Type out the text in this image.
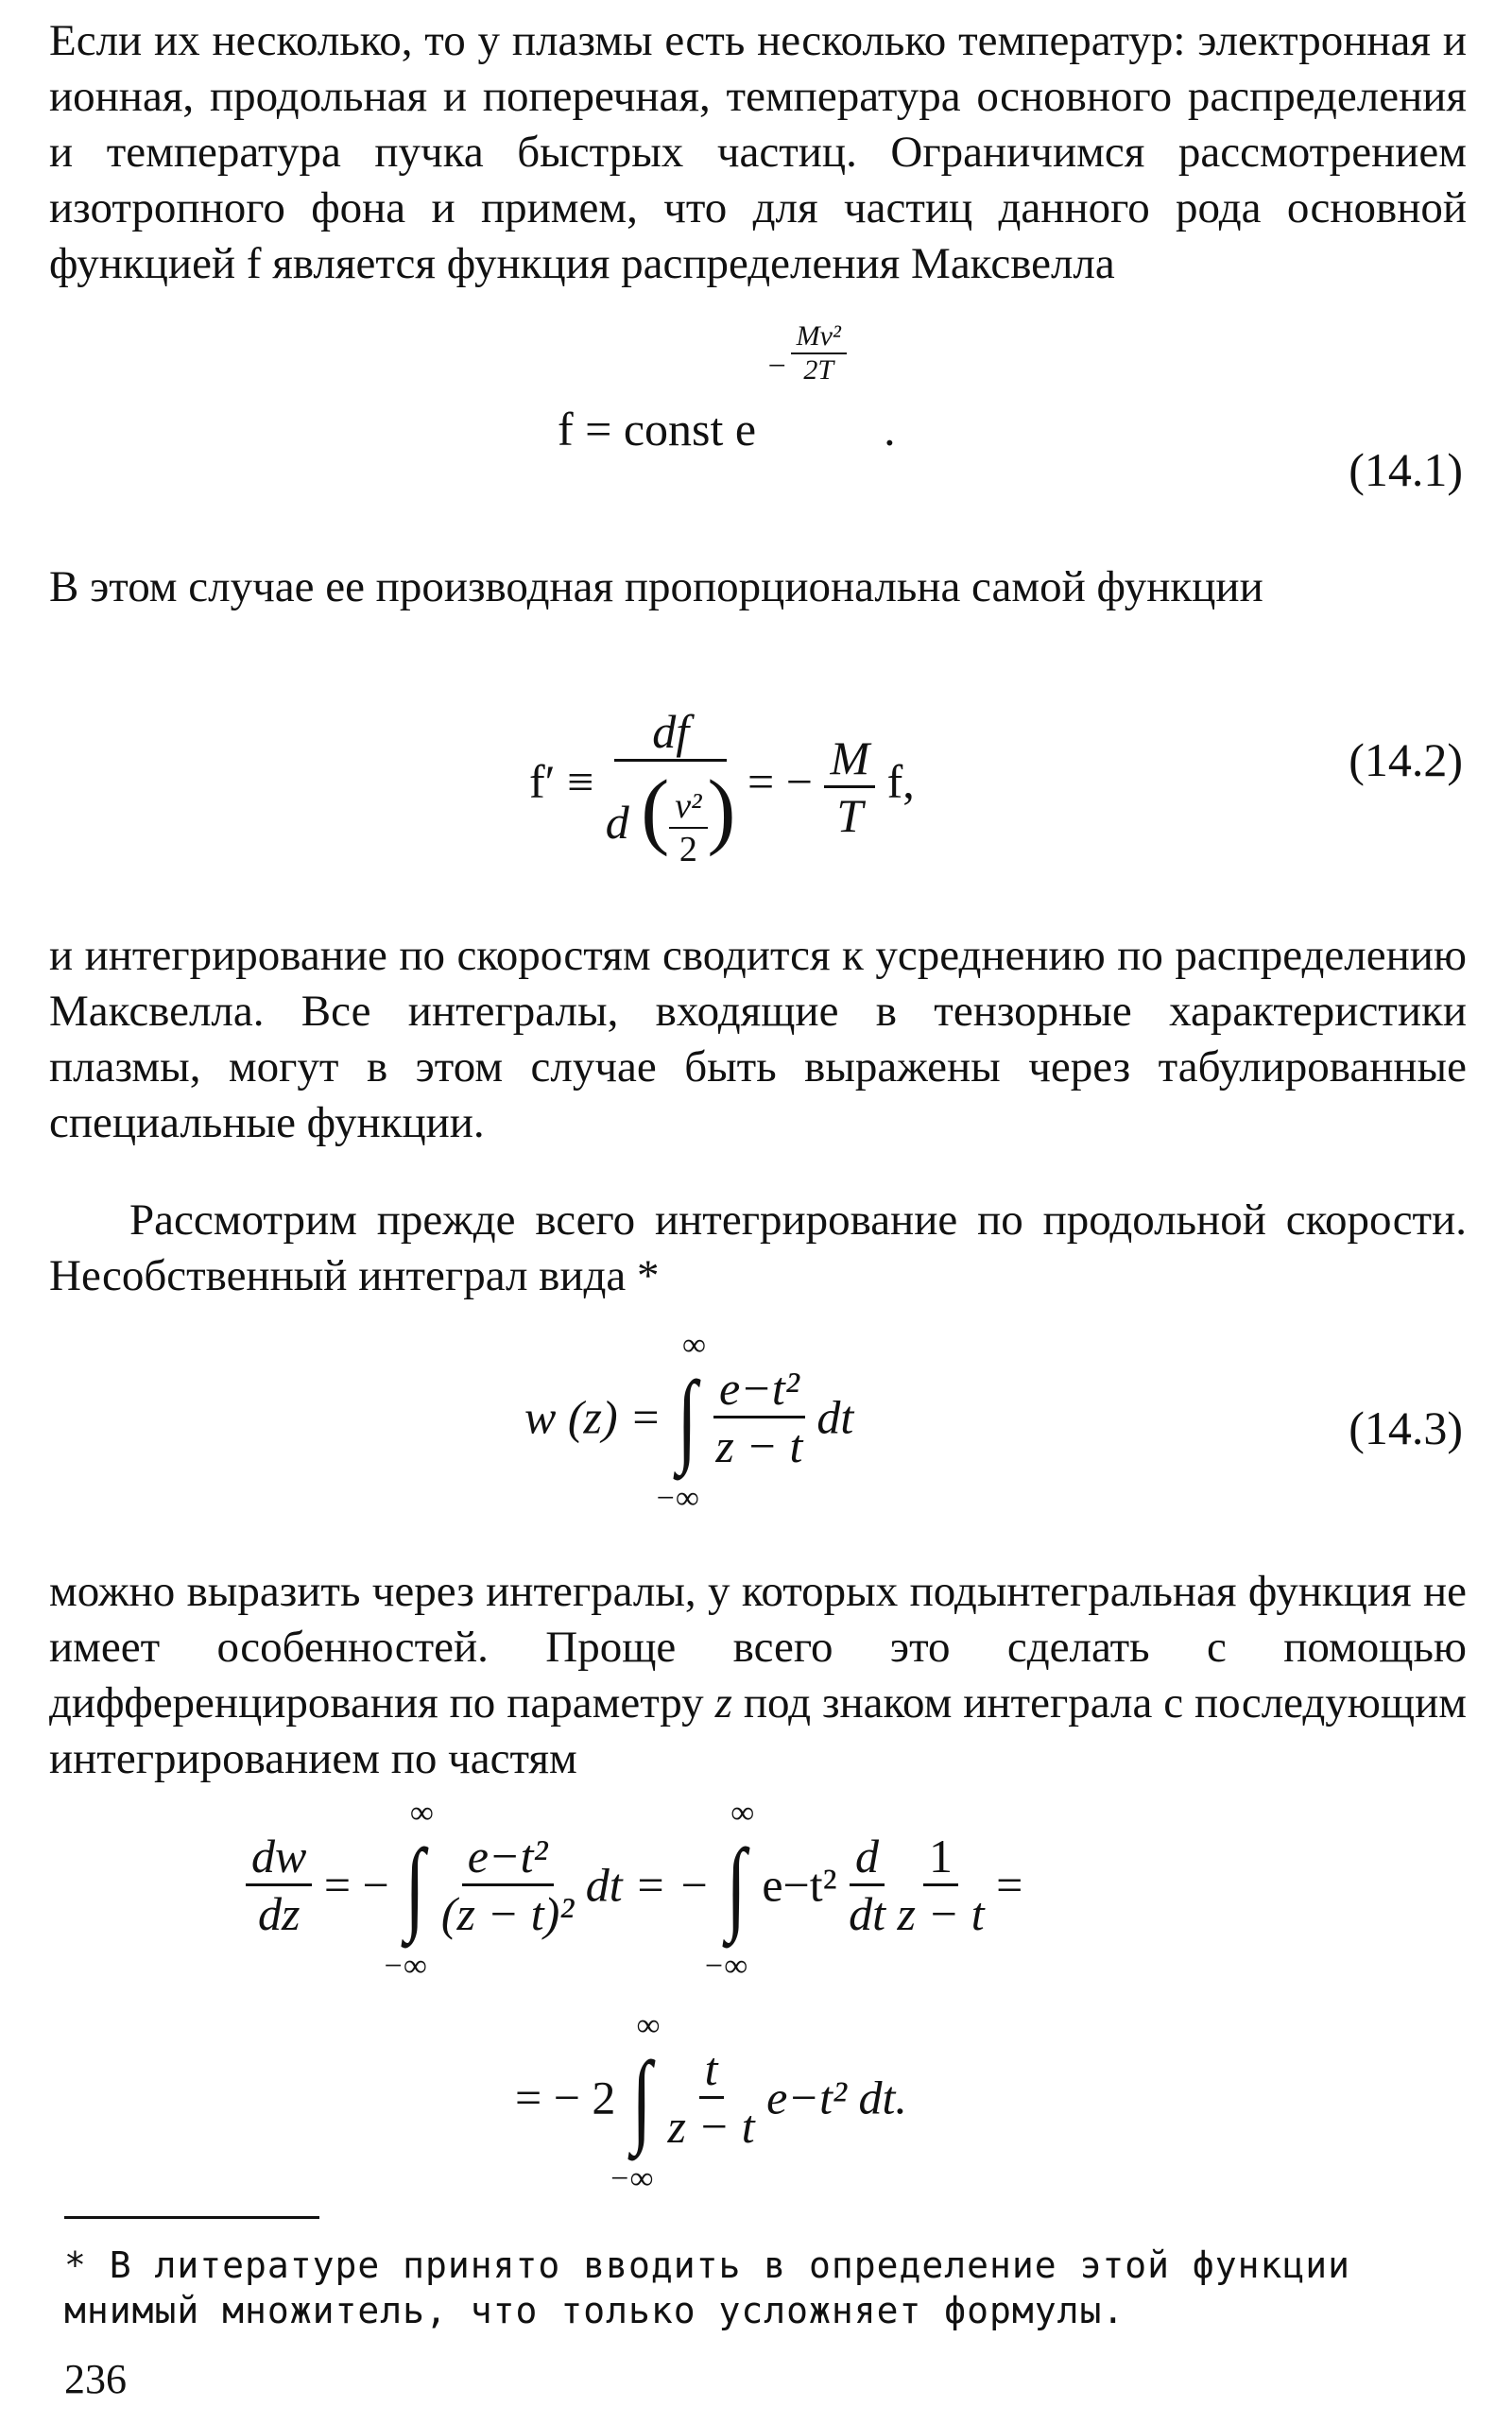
Если их несколько, то у плазмы есть несколько температур: электронная и ионная, продольная и поперечная, температура основного распределения и температура пучка быстрых частиц. Ограничимся рассмотрением изотропного фона и примем, что для частиц данного рода основной функцией f является функция распределения Максвелла

f = const e
− $\frac{\text{Mv²}}{2T}$
.
(14.1)

В этом случае ее производная пропорциональна самой функции

$f' \equiv \frac{df}{d ( \frac{\text{v²}}{2} )}$ = − $\frac{M}{T} f$,	(14.2)

и интегрирование по скоростям сводится к усреднению по распределению Максвелла. Все интегралы, входящие в тензорные характеристики плазмы, могут в этом случае быть выражены через табулированные специальные функции.

Рассмотрим прежде всего интегрирование по продольной скорости. Несобственный интеграл вида *

w (z) = ∫
∞
−∞

$\frac{\text{e−t²}}{z - t}$ dt	(14.3)

можно выразить через интегралы, у которых подынтегральная функция не имеет особенностей. Проще всего это сделать с помощью дифференцирования по параметру z под знаком интеграла с последующим интегрированием по частям

$\frac{dw}{dz}$ = − ∫
∞
−∞

$\frac{\text{e−t²}}{\text{(z − t)²}}$ dt = − ∫
∞
−∞
$e-t^2 \frac{d}{dt}$
$\frac{1}{z - t}$ =
= − 2 ∫
∞
−∞

$\frac{t}{z - t} e-t^2$ dt.
* В литературе принято вводить в определение этой функции
мнимый множитель, что только усложняет формулы.
236
